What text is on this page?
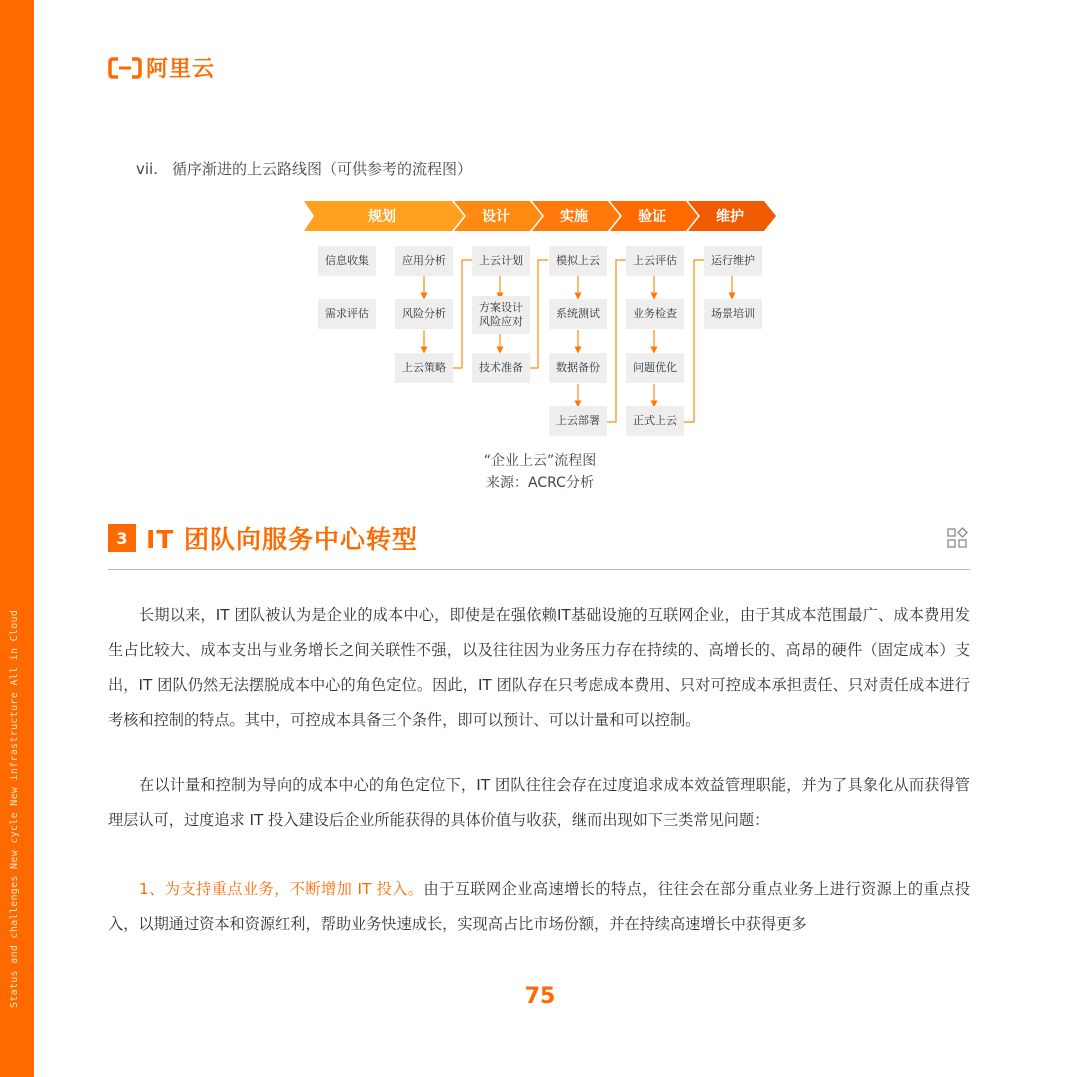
Status and challenges New cycle New infrastructure All in Cloud
阿里云
vii. 循序渐进的上云路线图（可供参考的流程图）
规划	设计	实施	验证	维护
信息收集
需求评估
应用分析
风险分析
上云策略
上云计划
方案设计
风险应对
技术准备
模拟上云
系统测试
数据备份
上云部署
上云评估
业务检查
问题优化
正式上云
运行维护
场景培训
“企业上云”流程图
来源：ACRC分析
3 IT 团队向服务中心转型
长期以来，IT 团队被认为是企业的成本中心，即使是在强依赖IT基础设施的互联网企业，由于其成本范围最广、成本费用发生占比较大、成本支出与业务增长之间关联性不强，以及往往因为业务压力存在持续的、高增长的、高昂的硬件（固定成本）支出，IT 团队仍然无法摆脱成本中心的角色定位。因此，IT 团队存在只考虑成本费用、只对可控成本承担责任、只对责任成本进行考核和控制的特点。其中，可控成本具备三个条件，即可以预计、可以计量和可以控制。
在以计量和控制为导向的成本中心的角色定位下，IT 团队往往会存在过度追求成本效益管理职能，并为了具象化从而获得管理层认可，过度追求 IT 投入建设后企业所能获得的具体价值与收获，继而出现如下三类常见问题：
1、为支持重点业务，不断增加 IT 投入。由于互联网企业高速增长的特点，往往会在部分重点业务上进行资源上的重点投入，以期通过资本和资源红利，帮助业务快速成长，实现高占比市场份额，并在持续高速增长中获得更多
75
